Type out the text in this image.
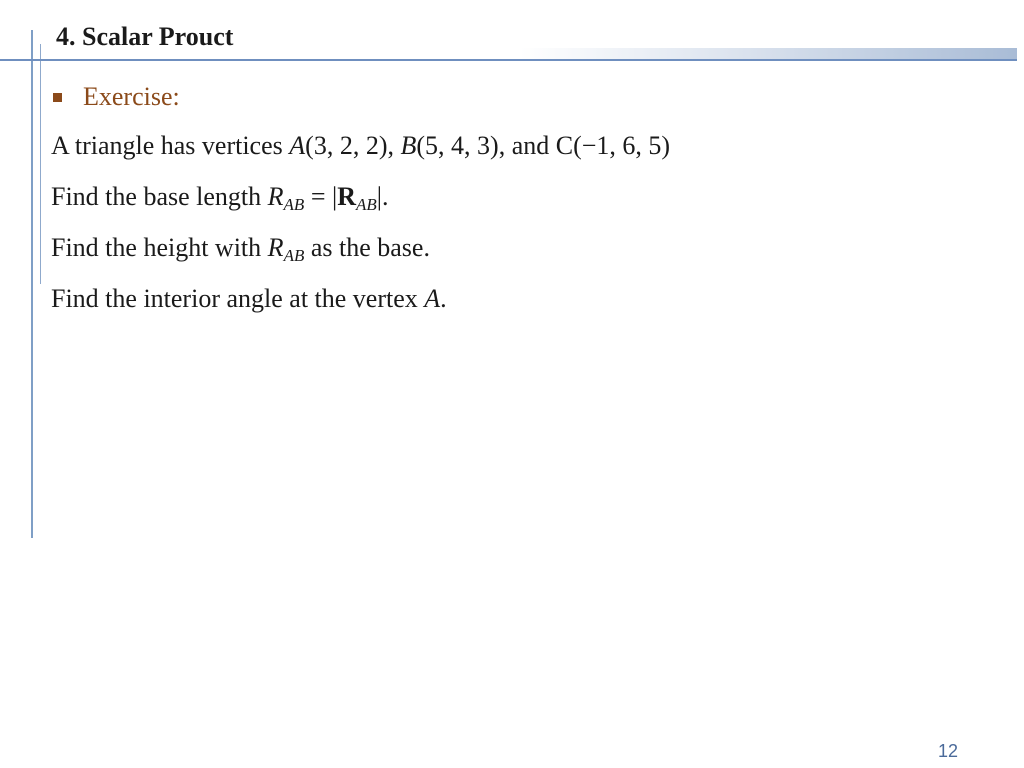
4. Scalar Prouct
Exercise:
A triangle has vertices A(3, 2, 2), B(5, 4, 3), and C(−1, 6, 5)
Find the base length $R_{AB} = |R_{AB}|$.
Find the height with $R_{AB}$ as the base.
Find the interior angle at the vertex A.
12
